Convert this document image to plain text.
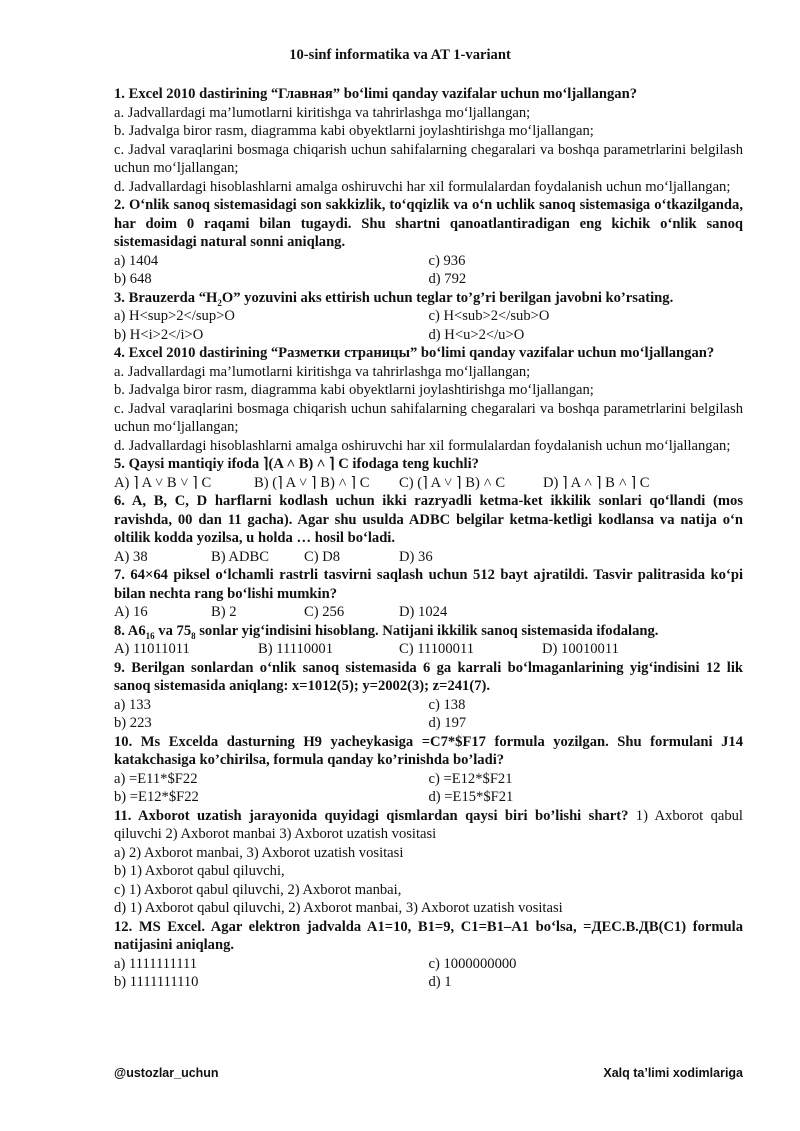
10-sinf informatika va AT 1-variant
1. Excel 2010 dastirining “Главная” bo‘limi qanday vazifalar uchun mo‘ljallangan?
a. Jadvallardagi ma’lumotlarni kiritishga va tahrirlashga mo‘ljallangan;
b. Jadvalga biror rasm, diagramma kabi obyektlarni joylashtirishga mo‘ljallangan;
c. Jadval varaqlarini bosmaga chiqarish uchun sahifalarning chegaralari va boshqa parametrlarini belgilash uchun mo‘ljallangan;
d. Jadvallardagi hisoblashlarni amalga oshiruvchi har xil formulalardan foydalanish uchun mo‘ljallangan;
2. O‘nlik sanoq sistemasidagi son sakkizlik, to‘qqizlik va o‘n uchlik sanoq sistemasiga o‘tkazilganda, har doim 0 raqami bilan tugaydi. Shu shartni qanoatlantiradigan eng kichik o‘nlik sanoq sistemasidagi natural sonni aniqlang.
a) 1404	c) 936
b) 648	d) 792
3. Brauzerda “$H_2O$” yozuvini aks ettirish uchun teglar to’g’ri berilgan javobni ko’rsating.
a) H<sup>2</sup>O	c) H<sub>2</sub>O
b) H<i>2</i>O	d) H<u>2</u>O
4. Excel 2010 dastirining “Разметки страницы” bo‘limi qanday vazifalar uchun mo‘ljallangan?
a. Jadvallardagi ma’lumotlarni kiritishga va tahrirlashga mo‘ljallangan;
b. Jadvalga biror rasm, diagramma kabi obyektlarni joylashtirishga mo‘ljallangan;
c. Jadval varaqlarini bosmaga chiqarish uchun sahifalarning chegaralari va boshqa parametrlarini belgilash uchun mo‘ljallangan;
d. Jadvallardagi hisoblashlarni amalga oshiruvchi har xil formulalardan foydalanish uchun mo‘ljallangan;
5. Qaysi mantiqiy ifoda ⌉(A ˄ B) ˄ ⌉ C ifodaga teng kuchli?
A) ⌉ A ˅ B ˅ ⌉ C	B) (⌉ A ˅ ⌉ B) ˄ ⌉ C	C) (⌉ A ˅ ⌉ B) ˄ C	D) ⌉ A ˄ ⌉ B ˄ ⌉ C
6. A, B, C, D harflarni kodlash uchun ikki razryadli ketma-ket ikkilik sonlari qo‘llandi (mos ravishda, 00 dan 11 gacha). Agar shu usulda ADBC belgilar ketma-ketligi kodlansa va natija o‘n oltilik kodda yozilsa, u holda … hosil bo‘ladi.
A) 38	B) ADBC	C) D8	D) 36
7. 64×64 piksel o‘lchamli rastrli tasvirni saqlash uchun 512 bayt ajratildi. Tasvir palitrasida ko‘pi bilan nechta rang bo‘lishi mumkin?
A) 16	B) 2	C) 256	D) 1024
8. $A6_{16}$ va $75_8$ sonlar yig‘indisini hisoblang. Natijani ikkilik sanoq sistemasida ifodalang.
A) 11011011	B) 11110001	C) 11100011	D) 10010011
9. Berilgan sonlardan o‘nlik sanoq sistemasida 6 ga karrali bo‘lmaganlarining yig‘indisini 12 lik sanoq sistemasida aniqlang: x=1012(5); y=2002(3); z=241(7).
a) 133	c) 138
b) 223	d) 197
10. Ms Excelda dasturning H9 yacheykasiga =C7*$F17 formula yozilgan. Shu formulani J14 katakchasiga ko’chirilsa, formula qanday ko’rinishda bo’ladi?
a) =E11*$F22	c) =E12*$F21
b) =E12*$F22	d) =E15*$F21
11. Axborot uzatish jarayonida quyidagi qismlardan qaysi biri bo’lishi shart? 1) Axborot qabul qiluvchi 2) Axborot manbai 3) Axborot uzatish vositasi
a) 2) Axborot manbai, 3) Axborot uzatish vositasi
b) 1) Axborot qabul qiluvchi,
c) 1) Axborot qabul qiluvchi, 2) Axborot manbai,
d) 1) Axborot qabul qiluvchi, 2) Axborot manbai, 3) Axborot uzatish vositasi
12. MS Excel. Agar elektron jadvalda A1=10, B1=9, C1=B1–A1 bo‘lsa, =ДЕС.В.ДВ(C1) formula natijasini aniqlang.
a) 1111111111	c) 1000000000
b) 1111111110	d) 1
@ustozlar_uchun	Xalq ta’limi xodimlariga
